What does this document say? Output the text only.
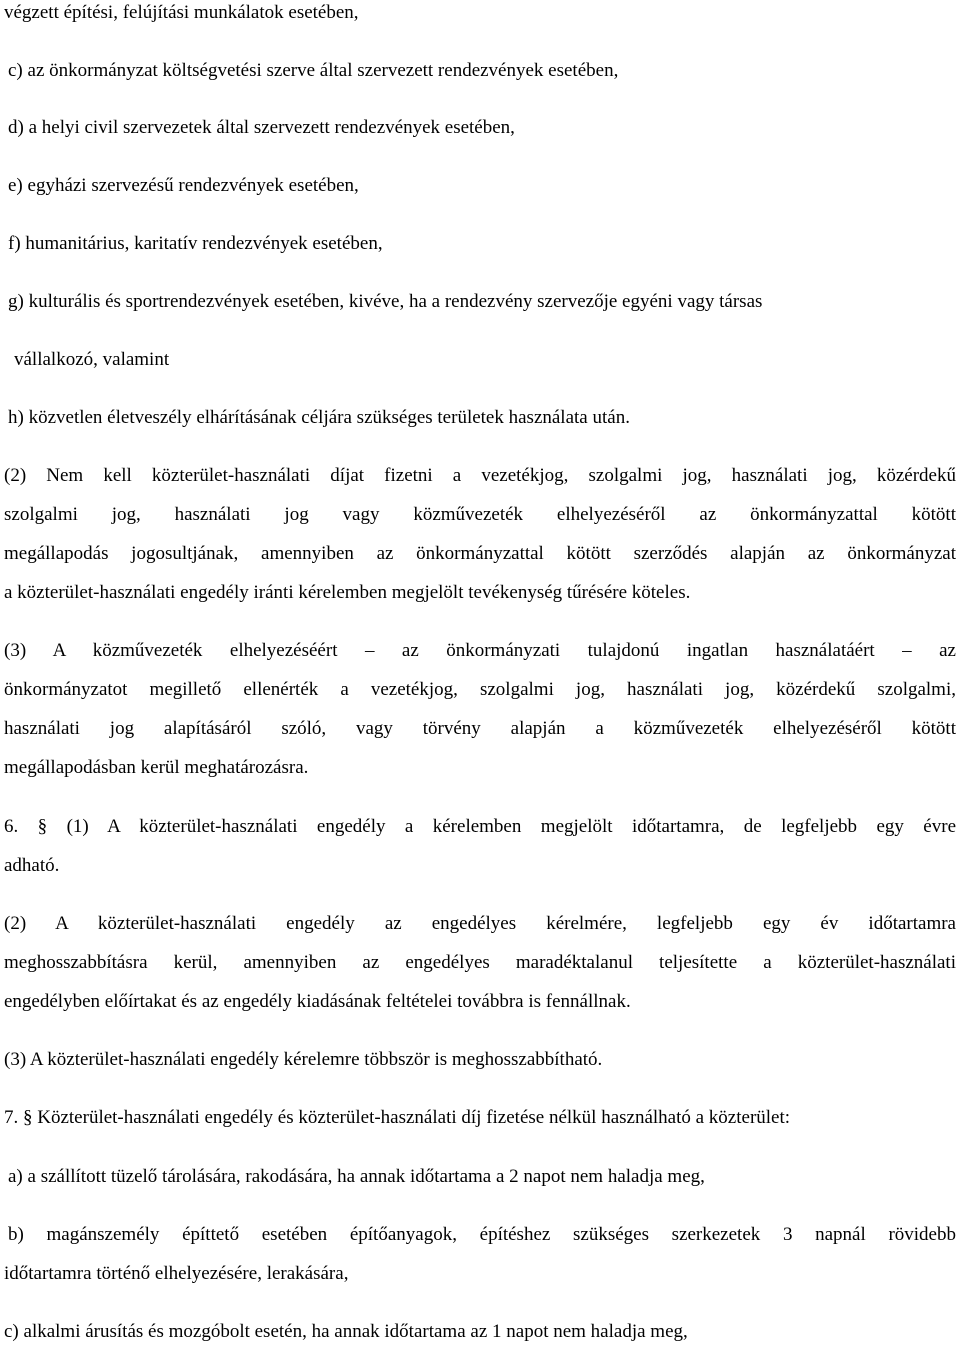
végzett építési, felújítási munkálatok esetében,
c) az önkormányzat költségvetési szerve által szervezett rendezvények esetében,
d) a helyi civil szervezetek által szervezett rendezvények esetében,
e) egyházi szervezésű rendezvények esetében,
f) humanitárius, karitatív rendezvények esetében,
g) kulturális és sportrendezvények esetében, kivéve, ha a rendezvény szervezője egyéni vagy társas
vállalkozó, valamint
h) közvetlen életveszély elhárításának céljára szükséges területek használata után.
(2) Nem kell közterület-használati díjat fizetni a vezetékjog, szolgalmi jog, használati jog, közérdekű
szolgalmi jog, használati jog vagy közművezeték elhelyezéséről az önkormányzattal kötött
megállapodás jogosultjának, amennyiben az önkormányzattal kötött szerződés alapján az önkormányzat
a közterület-használati engedély iránti kérelemben megjelölt tevékenység tűrésére köteles.
(3) A közművezeték elhelyezéséért – az önkormányzati tulajdonú ingatlan használatáért – az
önkormányzatot megillető ellenérték a vezetékjog, szolgalmi jog, használati jog, közérdekű szolgalmi,
használati jog alapításáról szóló, vagy törvény alapján a közművezeték elhelyezéséről kötött
megállapodásban kerül meghatározásra.
6. § (1) A közterület-használati engedély a kérelemben megjelölt időtartamra, de legfeljebb egy évre
adható.
(2) A közterület-használati engedély az engedélyes kérelmére, legfeljebb egy év időtartamra
meghosszabbításra kerül, amennyiben az engedélyes maradéktalanul teljesítette a közterület-használati
engedélyben előírtakat és az engedély kiadásának feltételei továbbra is fennállnak.
(3) A közterület-használati engedély kérelemre többször is meghosszabbítható.
7. § Közterület-használati engedély és közterület-használati díj fizetése nélkül használható a közterület:
a) a szállított tüzelő tárolására, rakodására, ha annak időtartama a 2 napot nem haladja meg,
b) magánszemély építtető esetében építőanyagok, építéshez szükséges szerkezetek 3 napnál rövidebb
időtartamra történő elhelyezésére, lerakására,
c) alkalmi árusítás és mozgóbolt esetén, ha annak időtartama az 1 napot nem haladja meg,
